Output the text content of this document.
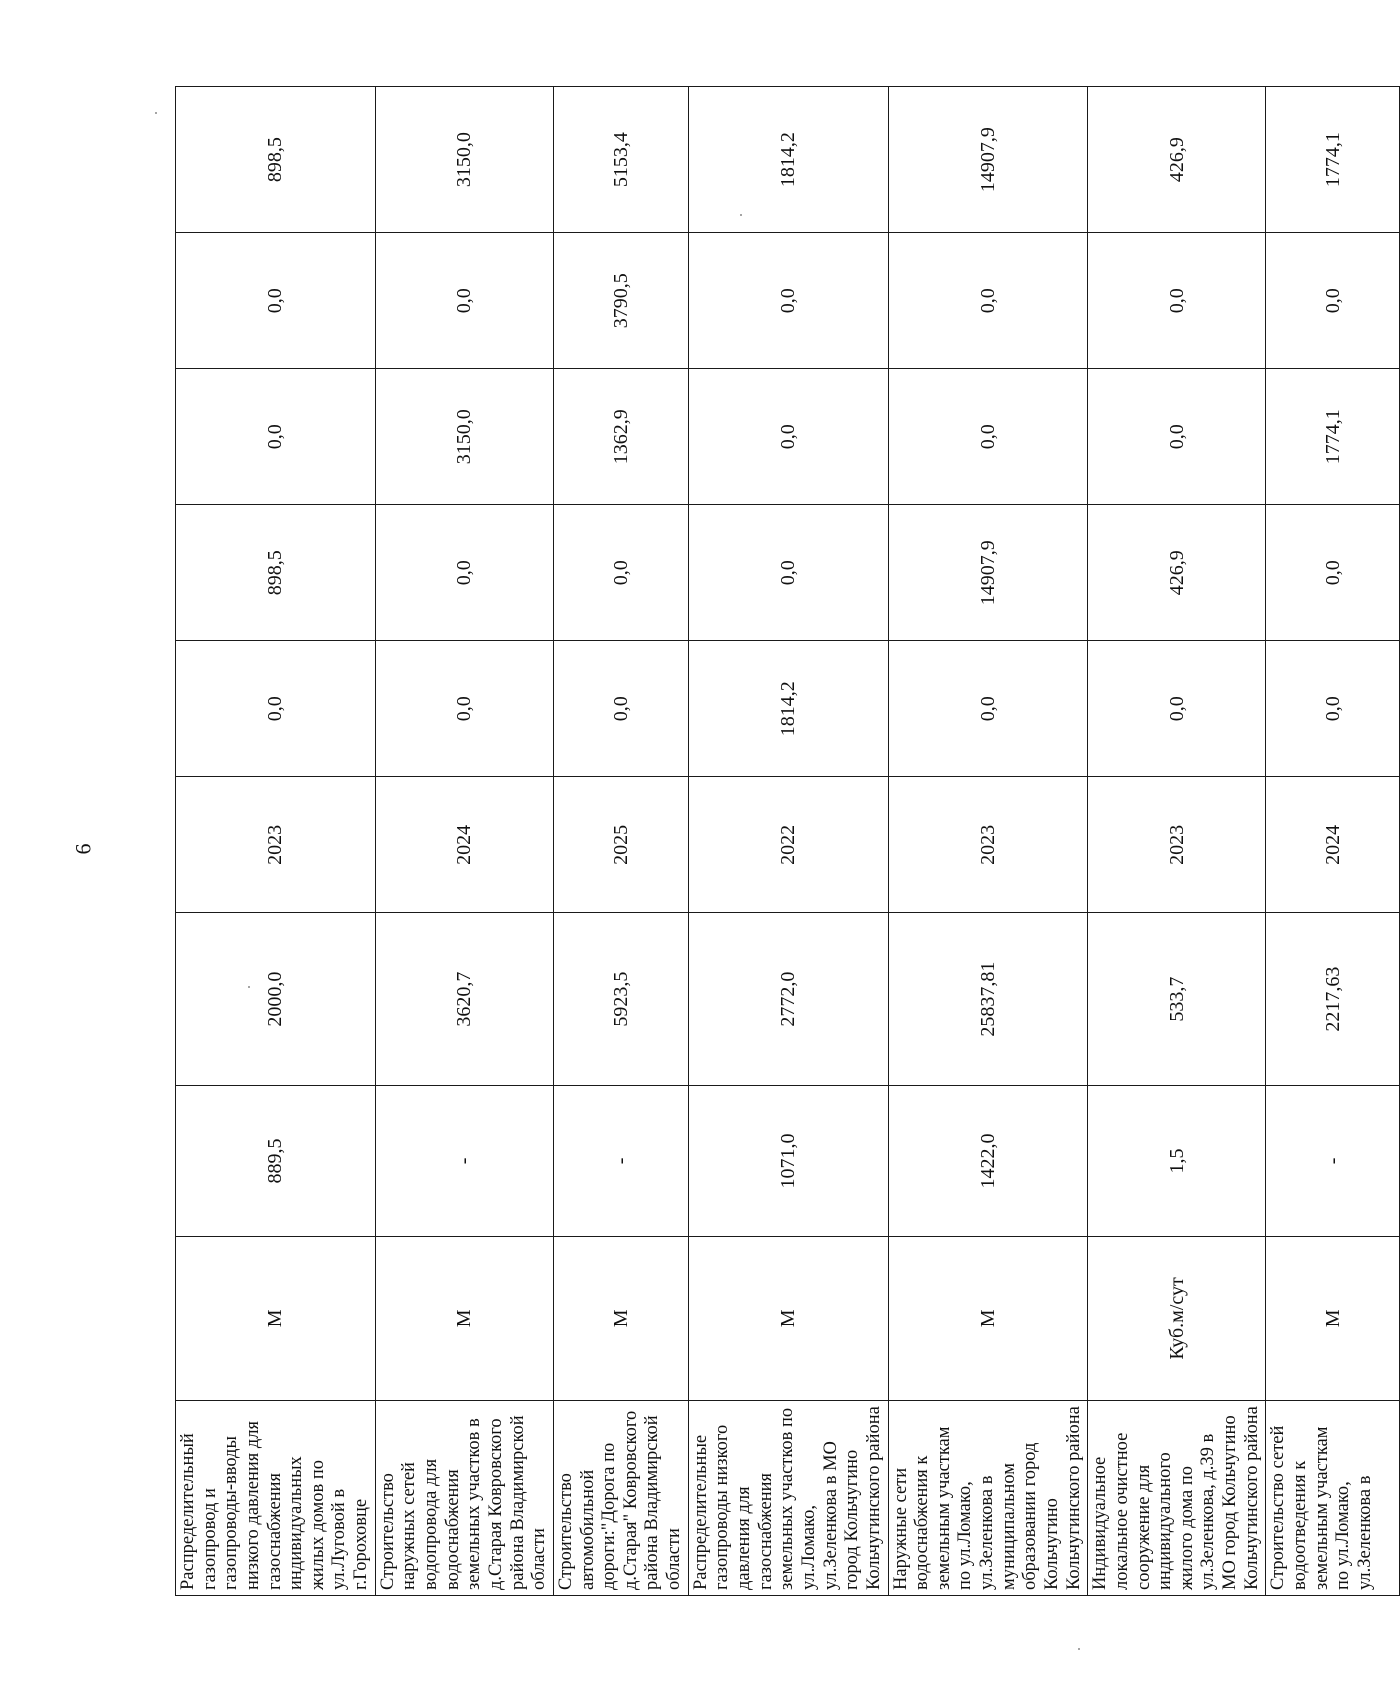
6
Распределительный газопровод и газопроводы-вводы низкого давления для газоснабжения индивидуальных жилых домов по ул.Луговой в г.Гороховце	М	889,5	2000,0	2023	0,0	898,5	0,0	0,0	898,5
Строительство наружных сетей водопровода для водоснабжения земельных участков в д.Старая Ковровского района Владимирской области	М	-	3620,7	2024	0,0	0,0	3150,0	0,0	3150,0
Строительство автомобильной дороги:"Дорога по д.Старая" Ковровского района Владимирской области	М	-	5923,5	2025	0,0	0,0	1362,9	3790,5	5153,4
Распределительные газопроводы низкого давления для газоснабжения земельных участков по ул.Ломако, ул.Зеленкова в МО город Кольчугино Кольчугинского района	М	1071,0	2772,0	2022	1814,2	0,0	0,0	0,0	1814,2
Наружные сети водоснабжения к земельным участкам по ул.Ломако, ул.Зеленкова в муниципальном образовании город Кольчугино Кольчугинского района	М	1422,0	25837,81	2023	0,0	14907,9	0,0	0,0	14907,9
Индивидуальное локальное очистное сооружение для индивидуального жилого дома по ул.Зеленкова, д.39 в МО город Кольчугино Кольчугинского района	Куб.м/сут	1,5	533,7	2023	0,0	426,9	0,0	0,0	426,9
Строительство сетей водоотведения к земельным участкам по ул.Ломако, ул.Зеленкова в	М	-	2217,63	2024	0,0	0,0	1774,1	0,0	1774,1
